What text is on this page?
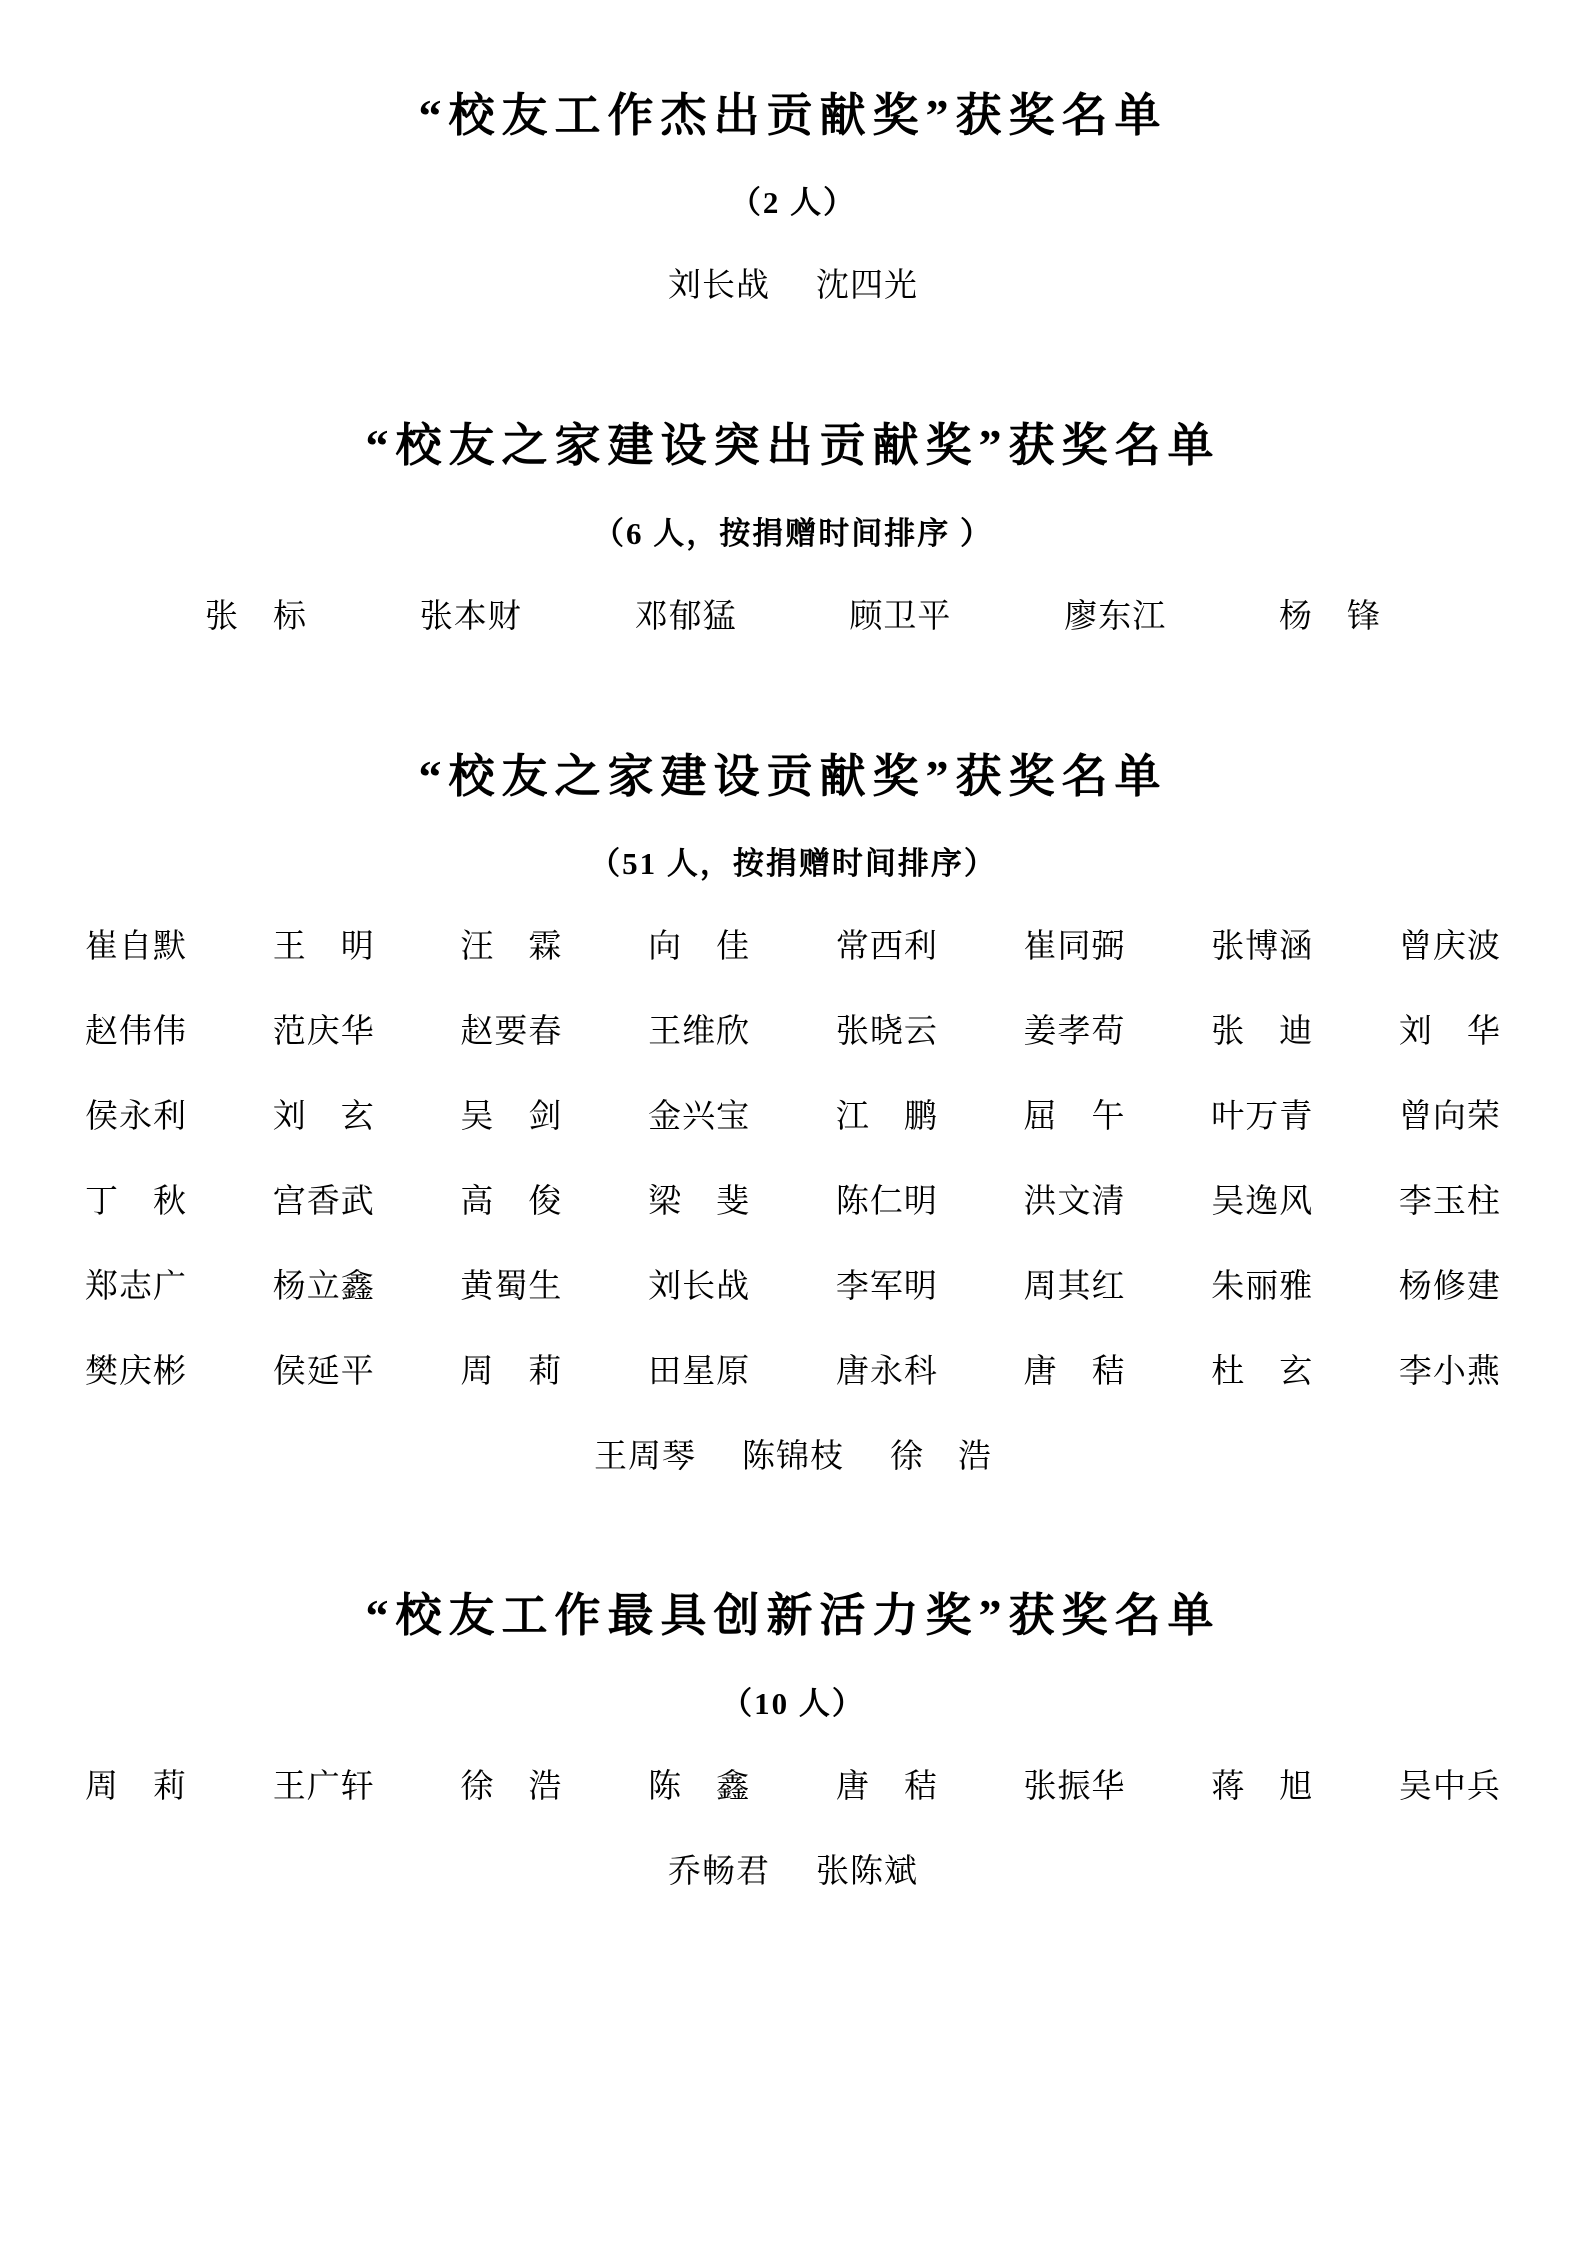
“校友工作杰出贡献奖”获奖名单
（2 人）
刘长战 沈四光
“校友之家建设突出贡献奖”获奖名单
（6 人，按捐赠时间排序 ）
张　标	张本财	邓郁猛	顾卫平	廖东江	杨　锋
“校友之家建设贡献奖”获奖名单
（51 人，按捐赠时间排序）
崔自默	王　明	汪　霖	向　佳	常西利	崔同弼	张博涵	曾庆波
赵伟伟	范庆华	赵要春	王维欣	张晓云	姜孝苟	张　迪	刘　华
侯永利	刘　玄	吴　剑	金兴宝	江　鹏	屈　午	叶万青	曾向荣
丁　秋	宫香武	高　俊	梁　斐	陈仁明	洪文清	吴逸风	李玉柱
郑志广	杨立鑫	黄蜀生	刘长战	李军明	周其红	朱丽雅	杨修建
樊庆彬	侯延平	周　莉	田星原	唐永科	唐　秸	杜　玄	李小燕
王周琴 陈锦枝 徐　浩
“校友工作最具创新活力奖”获奖名单
（10 人）
周　莉	王广轩	徐　浩	陈　鑫	唐　秸	张振华	蒋　旭	吴中兵
乔畅君 张陈斌
